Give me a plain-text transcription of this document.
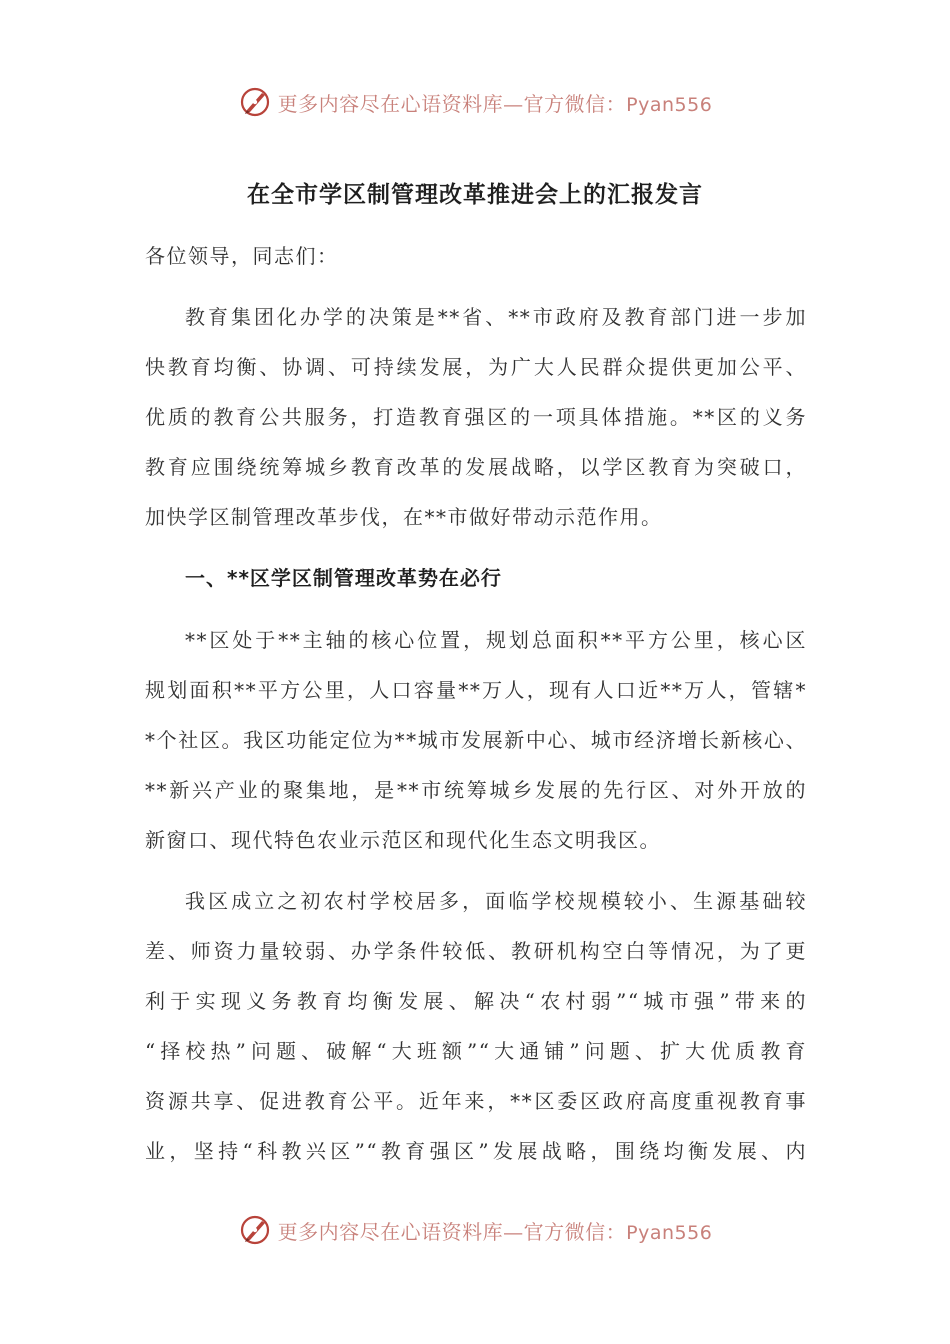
更多内容尽在心语资料库—官方微信：Pyan556
在全市学区制管理改革推进会上的汇报发言
各位领导，同志们：
教育集团化办学的决策是**省、**市政府及教育部门进一步加
快教育均衡、协调、可持续发展，为广大人民群众提供更加公平、
优质的教育公共服务，打造教育强区的一项具体措施。**区的义务
教育应围绕统筹城乡教育改革的发展战略，以学区教育为突破口，
加快学区制管理改革步伐，在**市做好带动示范作用。
一、**区学区制管理改革势在必行
**区处于**主轴的核心位置，规划总面积**平方公里，核心区
规划面积**平方公里，人口容量**万人，现有人口近**万人，管辖*
*个社区。我区功能定位为**城市发展新中心、城市经济增长新核心、
**新兴产业的聚集地，是**市统筹城乡发展的先行区、对外开放的
新窗口、现代特色农业示范区和现代化生态文明我区。
我区成立之初农村学校居多，面临学校规模较小、生源基础较
差、师资力量较弱、办学条件较低、教研机构空白等情况，为了更
利于实现义务教育均衡发展、解决“农村弱”“城市强”带来的
“择校热”问题、破解“大班额”“大通铺”问题、扩大优质教育
资源共享、促进教育公平。近年来，**区委区政府高度重视教育事
业，坚持“科教兴区”“教育强区”发展战略，围绕均衡发展、内
更多内容尽在心语资料库—官方微信：Pyan556
